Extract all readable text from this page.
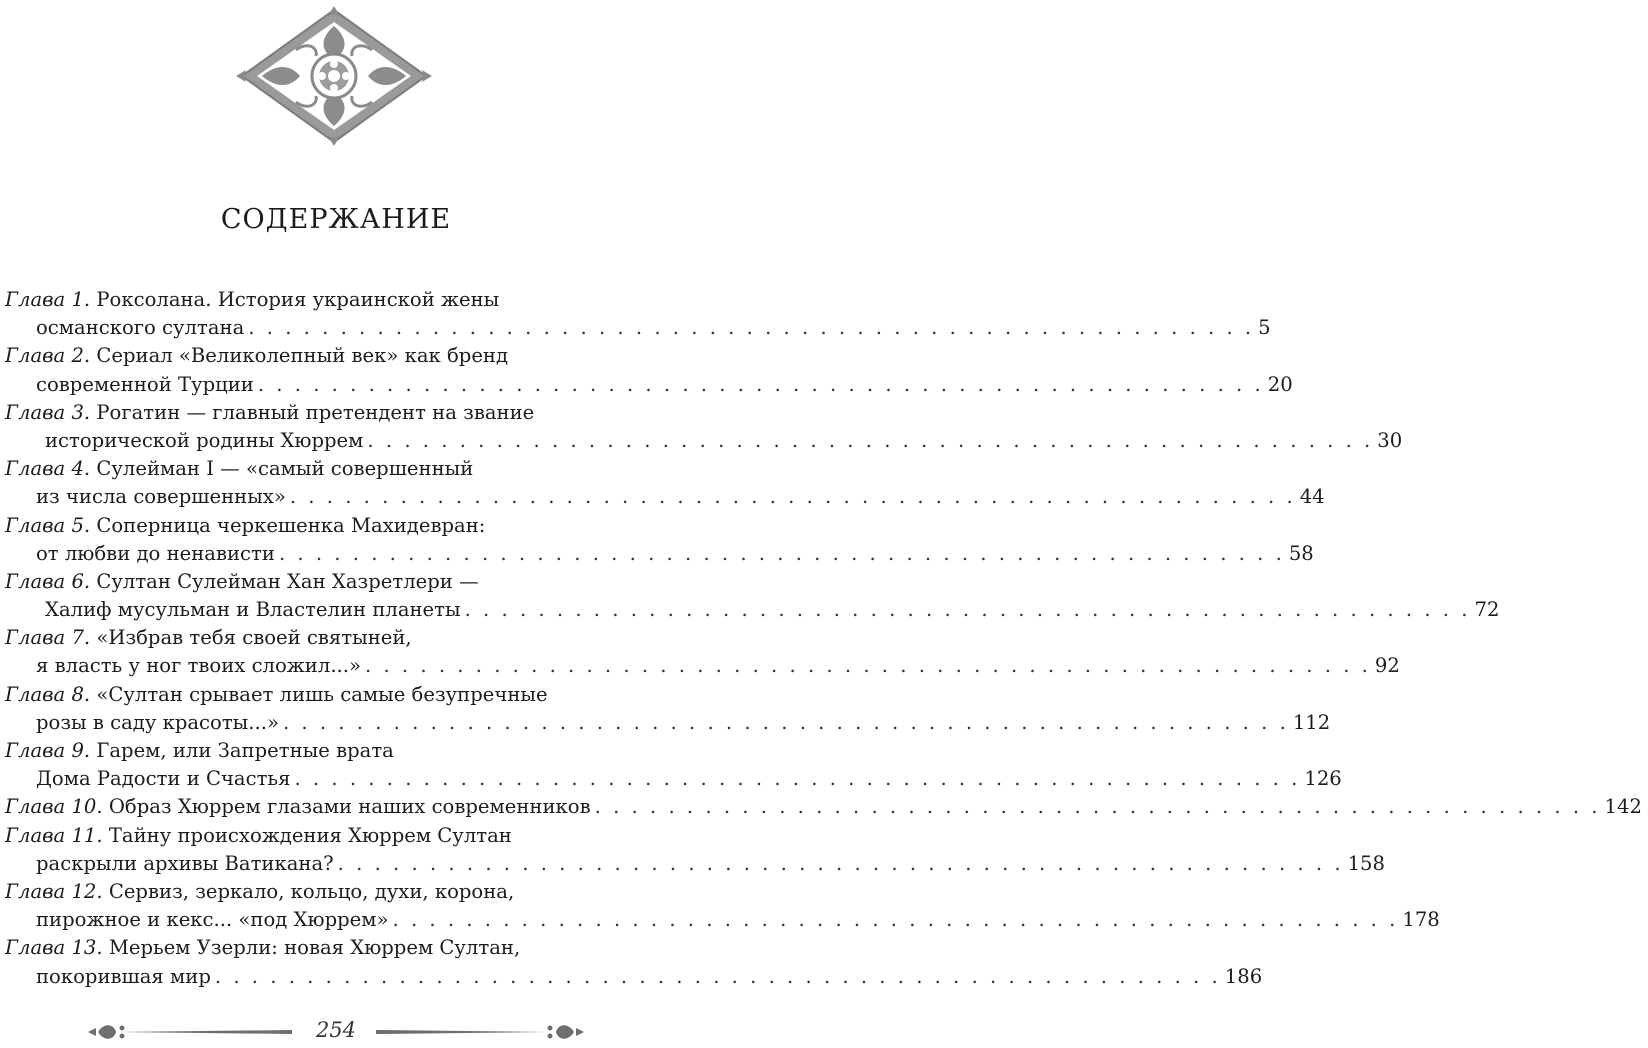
СОДЕРЖАНИЕ
Глава 1. Роксолана. История украинской жены
османского султана . . . . . . . . . . . . . . . . . . . . . . . . . . . . . . . . . . . . . . . . . . . . . . . . . . . . . . . 5
Глава 2. Сериал «Великолепный век» как бренд
современной Турции . . . . . . . . . . . . . . . . . . . . . . . . . . . . . . . . . . . . . . . . . . . . . . . . . . . . . . . 20
Глава 3. Рогатин — главный претендент на звание
исторической родины Хюррем . . . . . . . . . . . . . . . . . . . . . . . . . . . . . . . . . . . . . . . . . . . . . . . . . . . . . . . 30
Глава 4. Сулейман I — «самый совершенный
из числа совершенных» . . . . . . . . . . . . . . . . . . . . . . . . . . . . . . . . . . . . . . . . . . . . . . . . . . . . . . . 44
Глава 5. Соперница черкешенка Махидевран:
от любви до ненависти . . . . . . . . . . . . . . . . . . . . . . . . . . . . . . . . . . . . . . . . . . . . . . . . . . . . . . . 58
Глава 6. Султан Сулейман Хан Хазретлери —
Халиф мусульман и Властелин планеты . . . . . . . . . . . . . . . . . . . . . . . . . . . . . . . . . . . . . . . . . . . . . . . . . . . . . . . 72
Глава 7. «Избрав тебя своей святыней,
я власть у ног твоих сложил...» . . . . . . . . . . . . . . . . . . . . . . . . . . . . . . . . . . . . . . . . . . . . . . . . . . . . . . . 92
Глава 8. «Султан срывает лишь самые безупречные
розы в саду красоты...» . . . . . . . . . . . . . . . . . . . . . . . . . . . . . . . . . . . . . . . . . . . . . . . . . . . . . . . 112
Глава 9. Гарем, или Запретные врата
Дома Радости и Счастья . . . . . . . . . . . . . . . . . . . . . . . . . . . . . . . . . . . . . . . . . . . . . . . . . . . . . . . 126
Глава 10. Образ Хюррем глазами наших современников . . . . . . . . . . . . . . . . . . . . . . . . . . . . . . . . . . . . . . . . . . . . . . . . . . . . . . . 142
Глава 11. Тайну происхождения Хюррем Султан
раскрыли архивы Ватикана? . . . . . . . . . . . . . . . . . . . . . . . . . . . . . . . . . . . . . . . . . . . . . . . . . . . . . . . 158
Глава 12. Сервиз, зеркало, кольцо, духи, корона,
пирожное и кекс... «под Хюррем» . . . . . . . . . . . . . . . . . . . . . . . . . . . . . . . . . . . . . . . . . . . . . . . . . . . . . . . 178
Глава 13. Мерьем Узерли: новая Хюррем Султан,
покорившая мир . . . . . . . . . . . . . . . . . . . . . . . . . . . . . . . . . . . . . . . . . . . . . . . . . . . . . . . 186
254
